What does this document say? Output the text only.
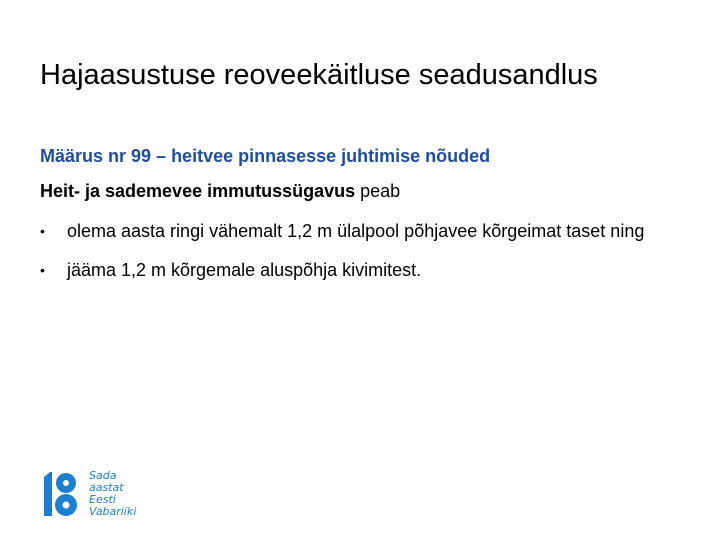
Hajaasustuse reoveekäitluse seadusandlus
Määrus nr 99 – heitvee pinnasesse juhtimise nõuded
Heit- ja sademevee immutussügavus peab
•	olema aasta ringi vähemalt 1,2 m ülalpool põhjavee kõrgeimat taset ning
•	jääma 1,2 m kõrgemale aluspõhja kivimitest.
Sada
aastat
Eesti
Vabariiki
